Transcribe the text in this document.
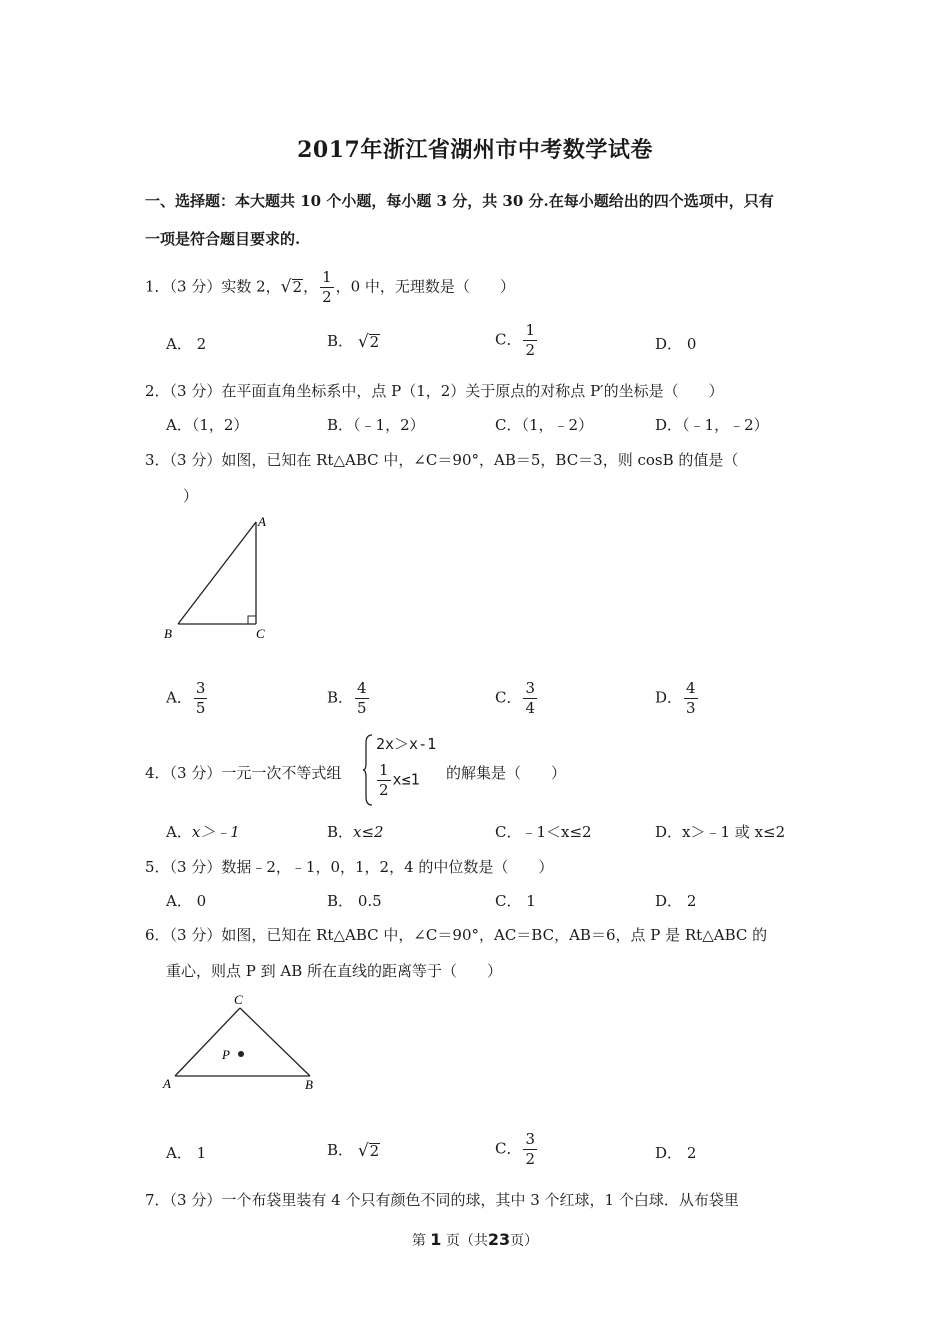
2017年浙江省湖州市中考数学试卷
一、选择题：本大题共 10 个小题，每小题 3 分，共 30 分.在每小题给出的四个选项中，只有
一项是符合题目要求的.
1．（3 分）实数 2， √ 2 ， $\frac{1}{2}$ ，0 中，无理数是（　　）
A． 2	B． √ 2	C． $\frac{1}{2}$	D． 0
2．（3 分）在平面直角坐标系中，点 P（1，2）关于原点的对称点 P′的坐标是（　　）
A．（1，2）	B．（﹣1，2）	C．（1，﹣2）	D．（﹣1，﹣2）
3．（3 分）如图，已知在 Rt△ABC 中，∠C＝90°，AB＝5，BC＝3，则 cosB 的值是（
）
A
B	C
A． $\frac{3}{5}$	B． $\frac{4}{5}$	C． $\frac{3}{4}$	D． $\frac{4}{3}$
4．（3 分）一元一次不等式组
2x＞x-1
$\frac{1}{2} x\le 1$ 的解集是（　　）
A．x＞﹣1	B．x≤2	C．﹣1＜x≤2	D．x＞﹣1 或 x≤2
5．（3 分）数据﹣2，﹣1，0，1，2，4 的中位数是（　　）
A． 0	B． 0.5	C． 1	D． 2
6．（3 分）如图，已知在 Rt△ABC 中，∠C＝90°，AC＝BC，AB＝6，点 P 是 Rt△ABC 的
重心，则点 P 到 AB 所在直线的距离等于（　　）
C
A	B
P
A． 1	B． √ 2	C． $\frac{3}{2}$	D． 2
7．（3 分）一个布袋里装有 4 个只有颜色不同的球，其中 3 个红球，1 个白球．从布袋里
第 1 页（共23页）
